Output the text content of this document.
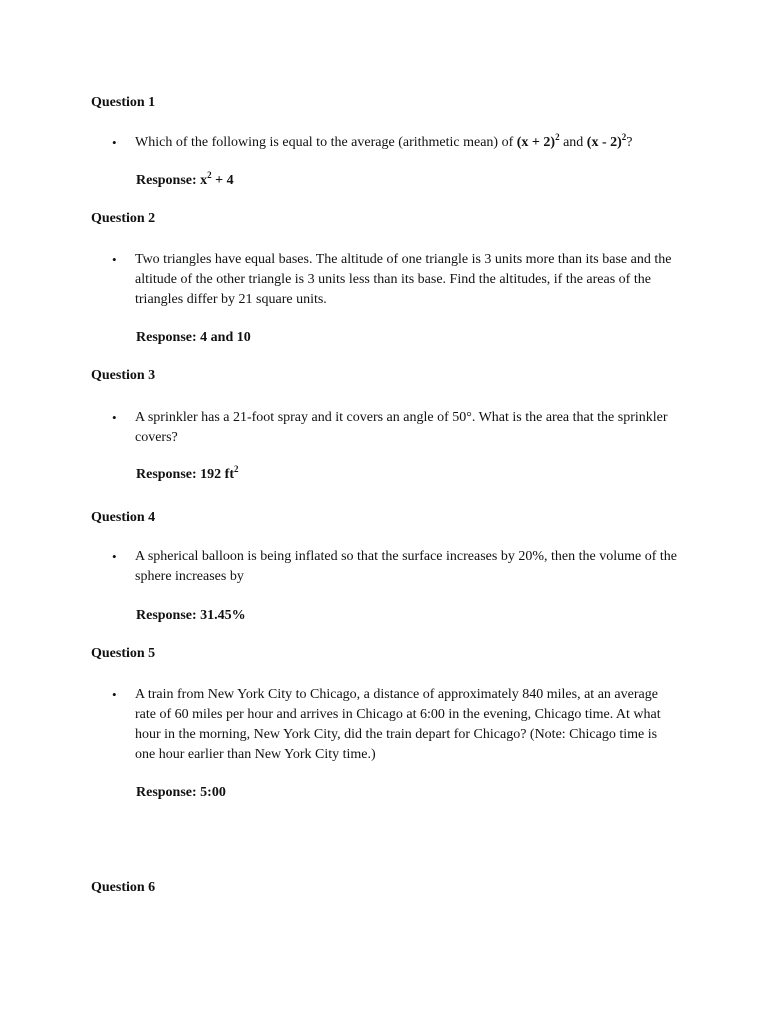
Question 1
• Which of the following is equal to the average (arithmetic mean) of $(x + 2)^2$ and (x - 2)$^2$?

Response: $x^2 + 4$
Question 2
• Two triangles have equal bases. The altitude of one triangle is 3 units more than its base and the altitude of the other triangle is 3 units less than its base. Find the altitudes, if the areas of the triangles differ by 21 square units.

Response: 4 and 10
Question 3
• A sprinkler has a 21-foot spray and it covers an angle of 50°. What is the area that the sprinkler covers?

Response: 192 $ft^2$
Question 4
• A spherical balloon is being inflated so that the surface increases by 20%, then the volume of the sphere increases by

Response: 31.45%
Question 5
• A train from New York City to Chicago, a distance of approximately 840 miles, at an average rate of 60 miles per hour and arrives in Chicago at 6:00 in the evening, Chicago time. At what hour in the morning, New York City, did the train depart for Chicago? (Note: Chicago time is one hour earlier than New York City time.)

Response: 5:00
Question 6
